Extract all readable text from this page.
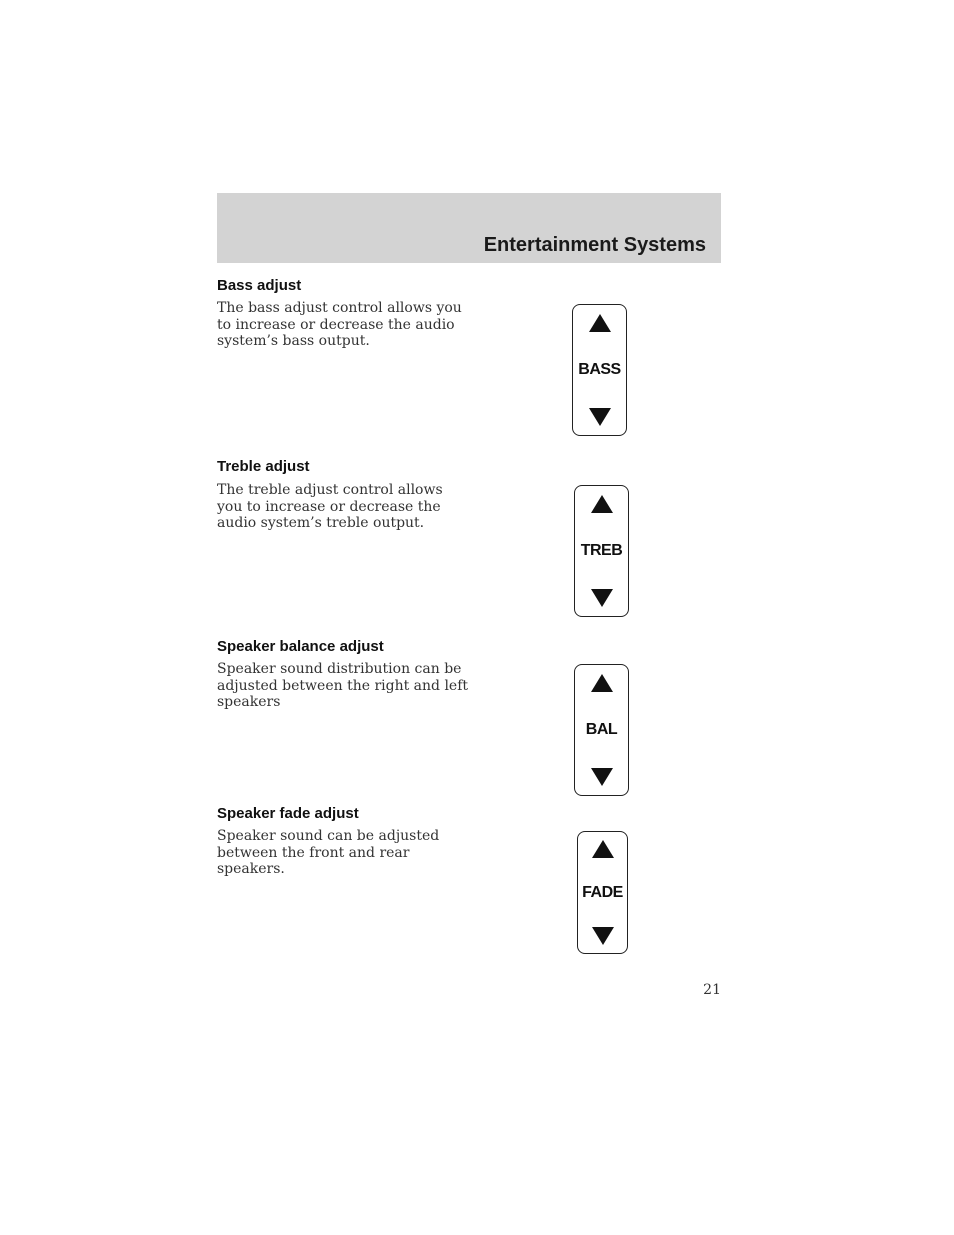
Entertainment Systems
Bass adjust
The bass adjust control allows you to increase or decrease the audio system’s bass output.
BASS
Treble adjust
The treble adjust control allows you to increase or decrease the audio system’s treble output.
TREB
Speaker balance adjust
Speaker sound distribution can be adjusted between the right and left speakers
BAL
Speaker fade adjust
Speaker sound can be adjusted between the front and rear speakers.
FADE
21
